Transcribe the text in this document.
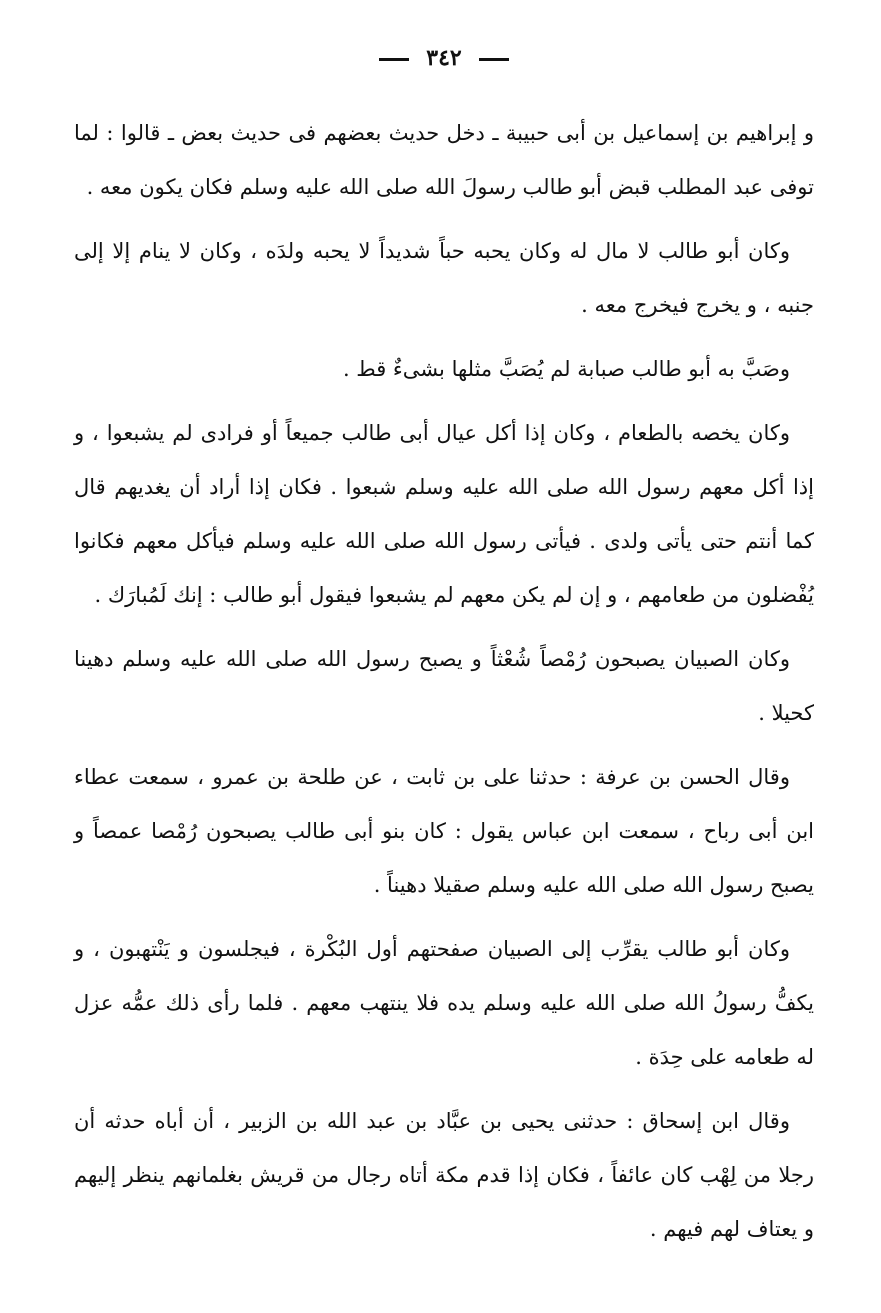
٣٤٢

و إبراهيم بن إسماعيل بن أبى حبيبة ـ دخل حديث بعضهم فى حديث بعض ـ قالوا : لما توفى عبد المطلب قبض أبو طالب رسولَ الله صلى الله عليه وسلم فكان يكون معه .

وكان أبو طالب لا مال له وكان يحبه حباً شديداً لا يحبه ولدَه ، وكان لا ينام إلا إلى جنبه ، و يخرج فيخرج معه .

وصَبَّ به أبو طالب صبابة لم يُصَبَّ مثلها بشىءٌ قط .

وكان يخصه بالطعام ، وكان إذا أكل عيال أبى طالب جميعاً أو فرادى لم يشبعوا ، و إذا أكل معهم رسول الله صلى الله عليه وسلم شبعوا . فكان إذا أراد أن يغديهم قال كما أنتم حتى يأتى ولدى . فيأتى رسول الله صلى الله عليه وسلم فيأكل معهم فكانوا يُفْضلون من طعامهم ، و إن لم يكن معهم لم يشبعوا فيقول أبو طالب : إنك لَمُبارَك .

وكان الصبيان يصبحون رُمْصاً شُعْثاً و يصبح رسول الله صلى الله عليه وسلم دهينا كحيلا .

وقال الحسن بن عرفة : حدثنا على بن ثابت ، عن طلحة بن عمرو ، سمعت عطاء ابن أبى رباح ، سمعت ابن عباس يقول : كان بنو أبى طالب يصبحون رُمْصا عمصاً و يصبح رسول الله صلى الله عليه وسلم صقيلا دهيناً .

وكان أبو طالب يقرِّب إلى الصبيان صفحتهم أول البُكْرة ، فيجلسون و يَنْتهبون ، و يكفُّ رسولُ الله صلى الله عليه وسلم يده فلا ينتهب معهم . فلما رأى ذلك عمُّه عزل له طعامه على حِدَة .

وقال ابن إسحاق : حدثنى يحيى بن عبَّاد بن عبد الله بن الزبير ، أن أباه حدثه أن رجلا من لِهْب كان عائفاً ، فكان إذا قدم مكة أتاه رجال من قريش بغلمانهم ينظر إليهم و يعتاف لهم فيهم .
